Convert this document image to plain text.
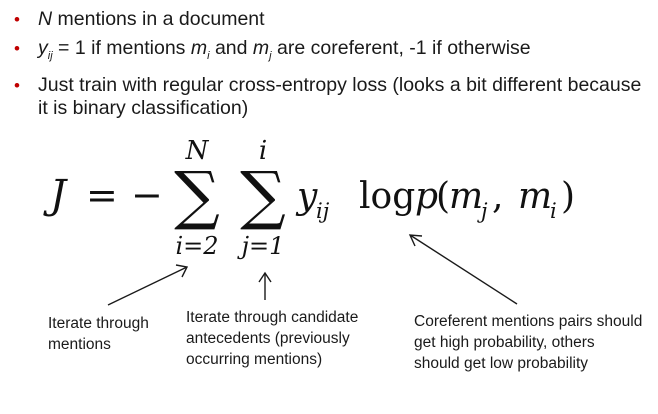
• N mentions in a document
• $y_{ij} = 1$ if mentions $m_i$ and $m_j$ are coreferent, -1 if otherwise
• Just train with regular cross-entropy loss (looks a bit different because it is binary classification)
J = −
N
∑
i=2
i
∑
j=1
y
ij log p
(
m
j , m
i )
Iterate through mentions
Iterate through candidate antecedents (previously occurring mentions)
Coreferent mentions pairs should get high probability, others should get low probability
